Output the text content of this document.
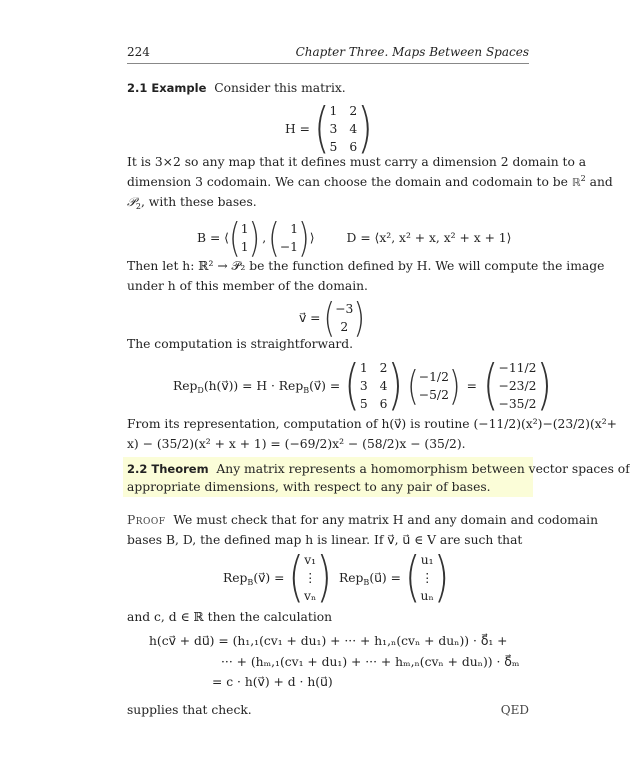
224	Chapter Three. Maps Between Spaces
2.1 Example Consider this matrix.
H = ( 1 2
3 4
5 6 )
It is 3×2 so any map that it defines must carry a dimension 2 domain to a
dimension 3 codomain. We can choose the domain and codomain to be ℝ$^2$ and
𝒫$_2$, with these bases.
B = ⟨ ( 1
1 ) , ( 1
−1 ) ⟩	D = ⟨x², x² + x, x² + x + 1⟩
Then let h: ℝ² → 𝒫₂ be the function defined by H. We will compute the image
under h of this member of the domain.
v⃗ = ( −3
2 )
The computation is straightforward.
Rep$_D$(h(v⃗)) = H · Rep$_B$(v⃗) = ( 1 2
3 4
5 6 ) ( −1/2
−5/2 ) = ( −11/2
−23/2
−35/2 )
From its representation, computation of h(v⃗) is routine (−11/2)(x²)−(23/2)(x²+
x) − (35/2)(x² + x + 1) = (−69/2)x² − (58/2)x − (35/2).
2.2 Theorem Any matrix represents a homomorphism between vector spaces of
appropriate dimensions, with respect to any pair of bases.
Proof We must check that for any matrix H and any domain and codomain
bases B, D, the defined map h is linear. If v⃗, u⃗ ∈ V are such that
Rep$_B$(v⃗) = ( v₁
⋮
vₙ ) Rep$_B$(u⃗) = ( u₁
⋮
uₙ )
and c, d ∈ ℝ then the calculation
h(cv⃗ + du⃗) = (h₁,₁(cv₁ + du₁) + ··· + h₁,ₙ(cvₙ + duₙ)) · δ⃗₁ +
··· + (hₘ,₁(cv₁ + du₁) + ··· + hₘ,ₙ(cvₙ + duₙ)) · δ⃗ₘ
= c · h(v⃗) + d · h(u⃗)
supplies that check.	QED
